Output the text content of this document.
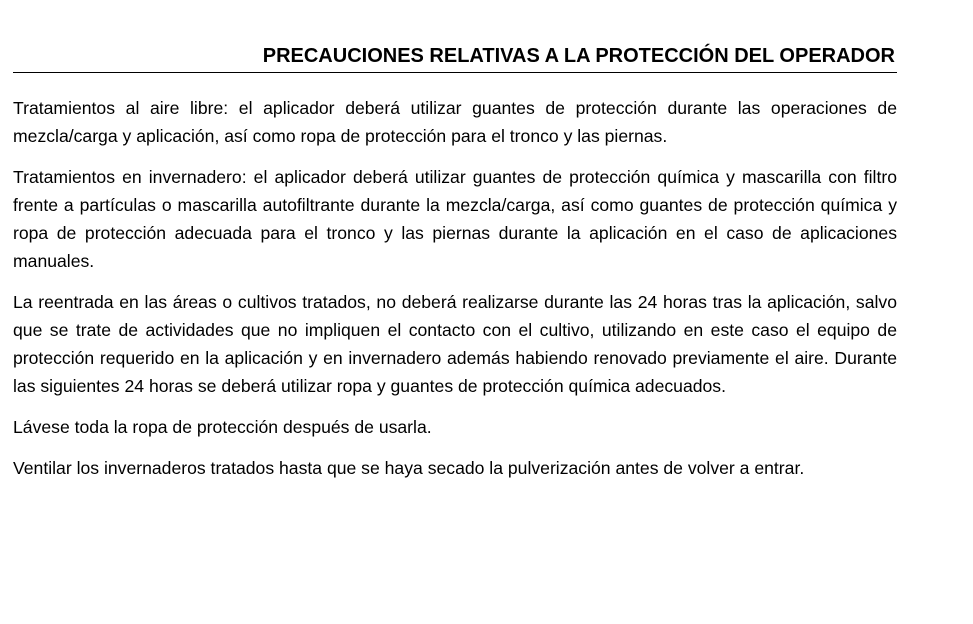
PRECAUCIONES RELATIVAS A LA PROTECCIÓN DEL OPERADOR

Tratamientos al aire libre: el aplicador deberá utilizar guantes de protección durante las operaciones de mezcla/carga y aplicación, así como ropa de protección para el tronco y las piernas.

Tratamientos en invernadero: el aplicador deberá utilizar guantes de protección química y mascarilla con filtro frente a partículas o mascarilla autofiltrante durante la mezcla/carga, así como guantes de protección química y ropa de protección adecuada para el tronco y las piernas durante la aplicación en el caso de aplicaciones manuales.

La reentrada en las áreas o cultivos tratados, no deberá realizarse durante las 24 horas tras la aplicación, salvo que se trate de actividades que no impliquen el contacto con el cultivo, utilizando en este caso el equipo de protección requerido en la aplicación y en invernadero además habiendo renovado previamente el aire. Durante las siguientes 24 horas se deberá utilizar ropa y guantes de protección química adecuados.

Lávese toda la ropa de protección después de usarla.

Ventilar los invernaderos tratados hasta que se haya secado la pulverización antes de volver a entrar.
